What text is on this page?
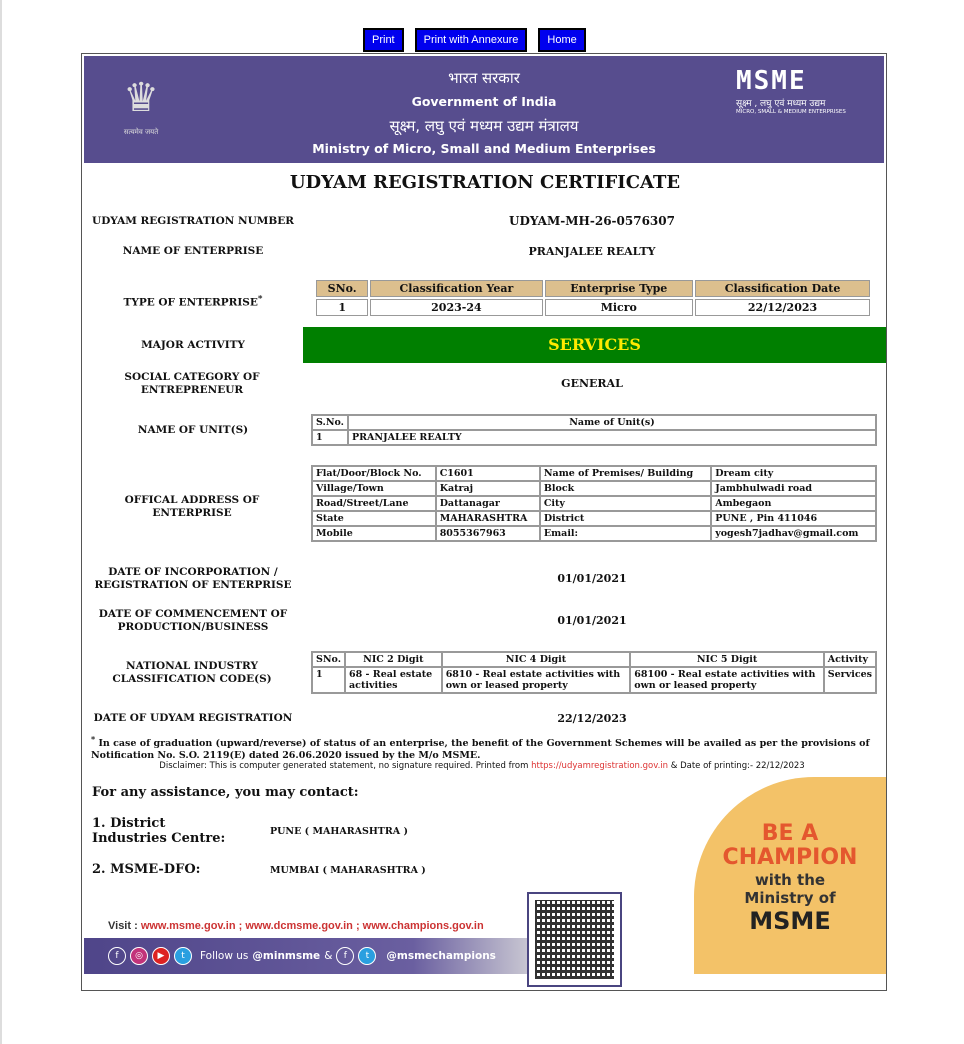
Print	Print with Annexure	Home
♛
सत्यमेव जयते
भारत सरकार
Government of India
सूक्ष्म, लघु एवं मध्यम उद्यम मंत्रालय
Ministry of Micro, Small and Medium Enterprises
MSME
सूक्ष्म , लघु एवं मध्यम उद्यम
MICRO, SMALL & MEDIUM ENTERPRISES
UDYAM REGISTRATION CERTIFICATE
UDYAM REGISTRATION NUMBER	UDYAM-MH-26-0576307
NAME OF ENTERPRISE	PRANJALEE REALTY
TYPE OF ENTERPRISE*
SNo.	Classification Year	Enterprise Type	Classification Date
1	2023-24	Micro	22/12/2023
MAJOR ACTIVITY	SERVICES
SOCIAL CATEGORY OF ENTREPRENEUR	GENERAL
NAME OF UNIT(S)
S.No.	Name of Unit(s)
1	PRANJALEE REALTY
OFFICAL ADDRESS OF ENTERPRISE
Flat/Door/Block No.	C1601	Name of Premises/ Building	Dream city
Village/Town	Katraj	Block	Jambhulwadi road
Road/Street/Lane	Dattanagar	City	Ambegaon
State	MAHARASHTRA	District	PUNE , Pin 411046
Mobile	8055367963	Email:	yogesh7jadhav@gmail.com
DATE OF INCORPORATION / REGISTRATION OF ENTERPRISE	01/01/2021
DATE OF COMMENCEMENT OF PRODUCTION/BUSINESS	01/01/2021
NATIONAL INDUSTRY CLASSIFICATION CODE(S)
SNo.	NIC 2 Digit	NIC 4 Digit	NIC 5 Digit	Activity
1	68 - Real estate activities	6810 - Real estate activities with own or leased property	68100 - Real estate activities with own or leased property	Services
DATE OF UDYAM REGISTRATION	22/12/2023
* In case of graduation (upward/reverse) of status of an enterprise, the benefit of the Government Schemes will be availed as per the provisions of Notification No. S.O. 2119(E) dated 26.06.2020 issued by the M/o MSME.
Disclaimer: This is computer generated statement, no signature required. Printed from https://udyamregistration.gov.in & Date of printing:- 22/12/2023
BE A
CHAMPION
with the
Ministry of
MSME
For any assistance, you may contact:
1. District Industries Centre:	PUNE ( MAHARASHTRA )
2. MSME-DFO:	MUMBAI ( MAHARASHTRA )
Visit : www.msme.gov.in ; www.dcmsme.gov.in ; www.champions.gov.in
f	◎	▶	t	Follow us @minmsme &	f	t	@msmechampions
